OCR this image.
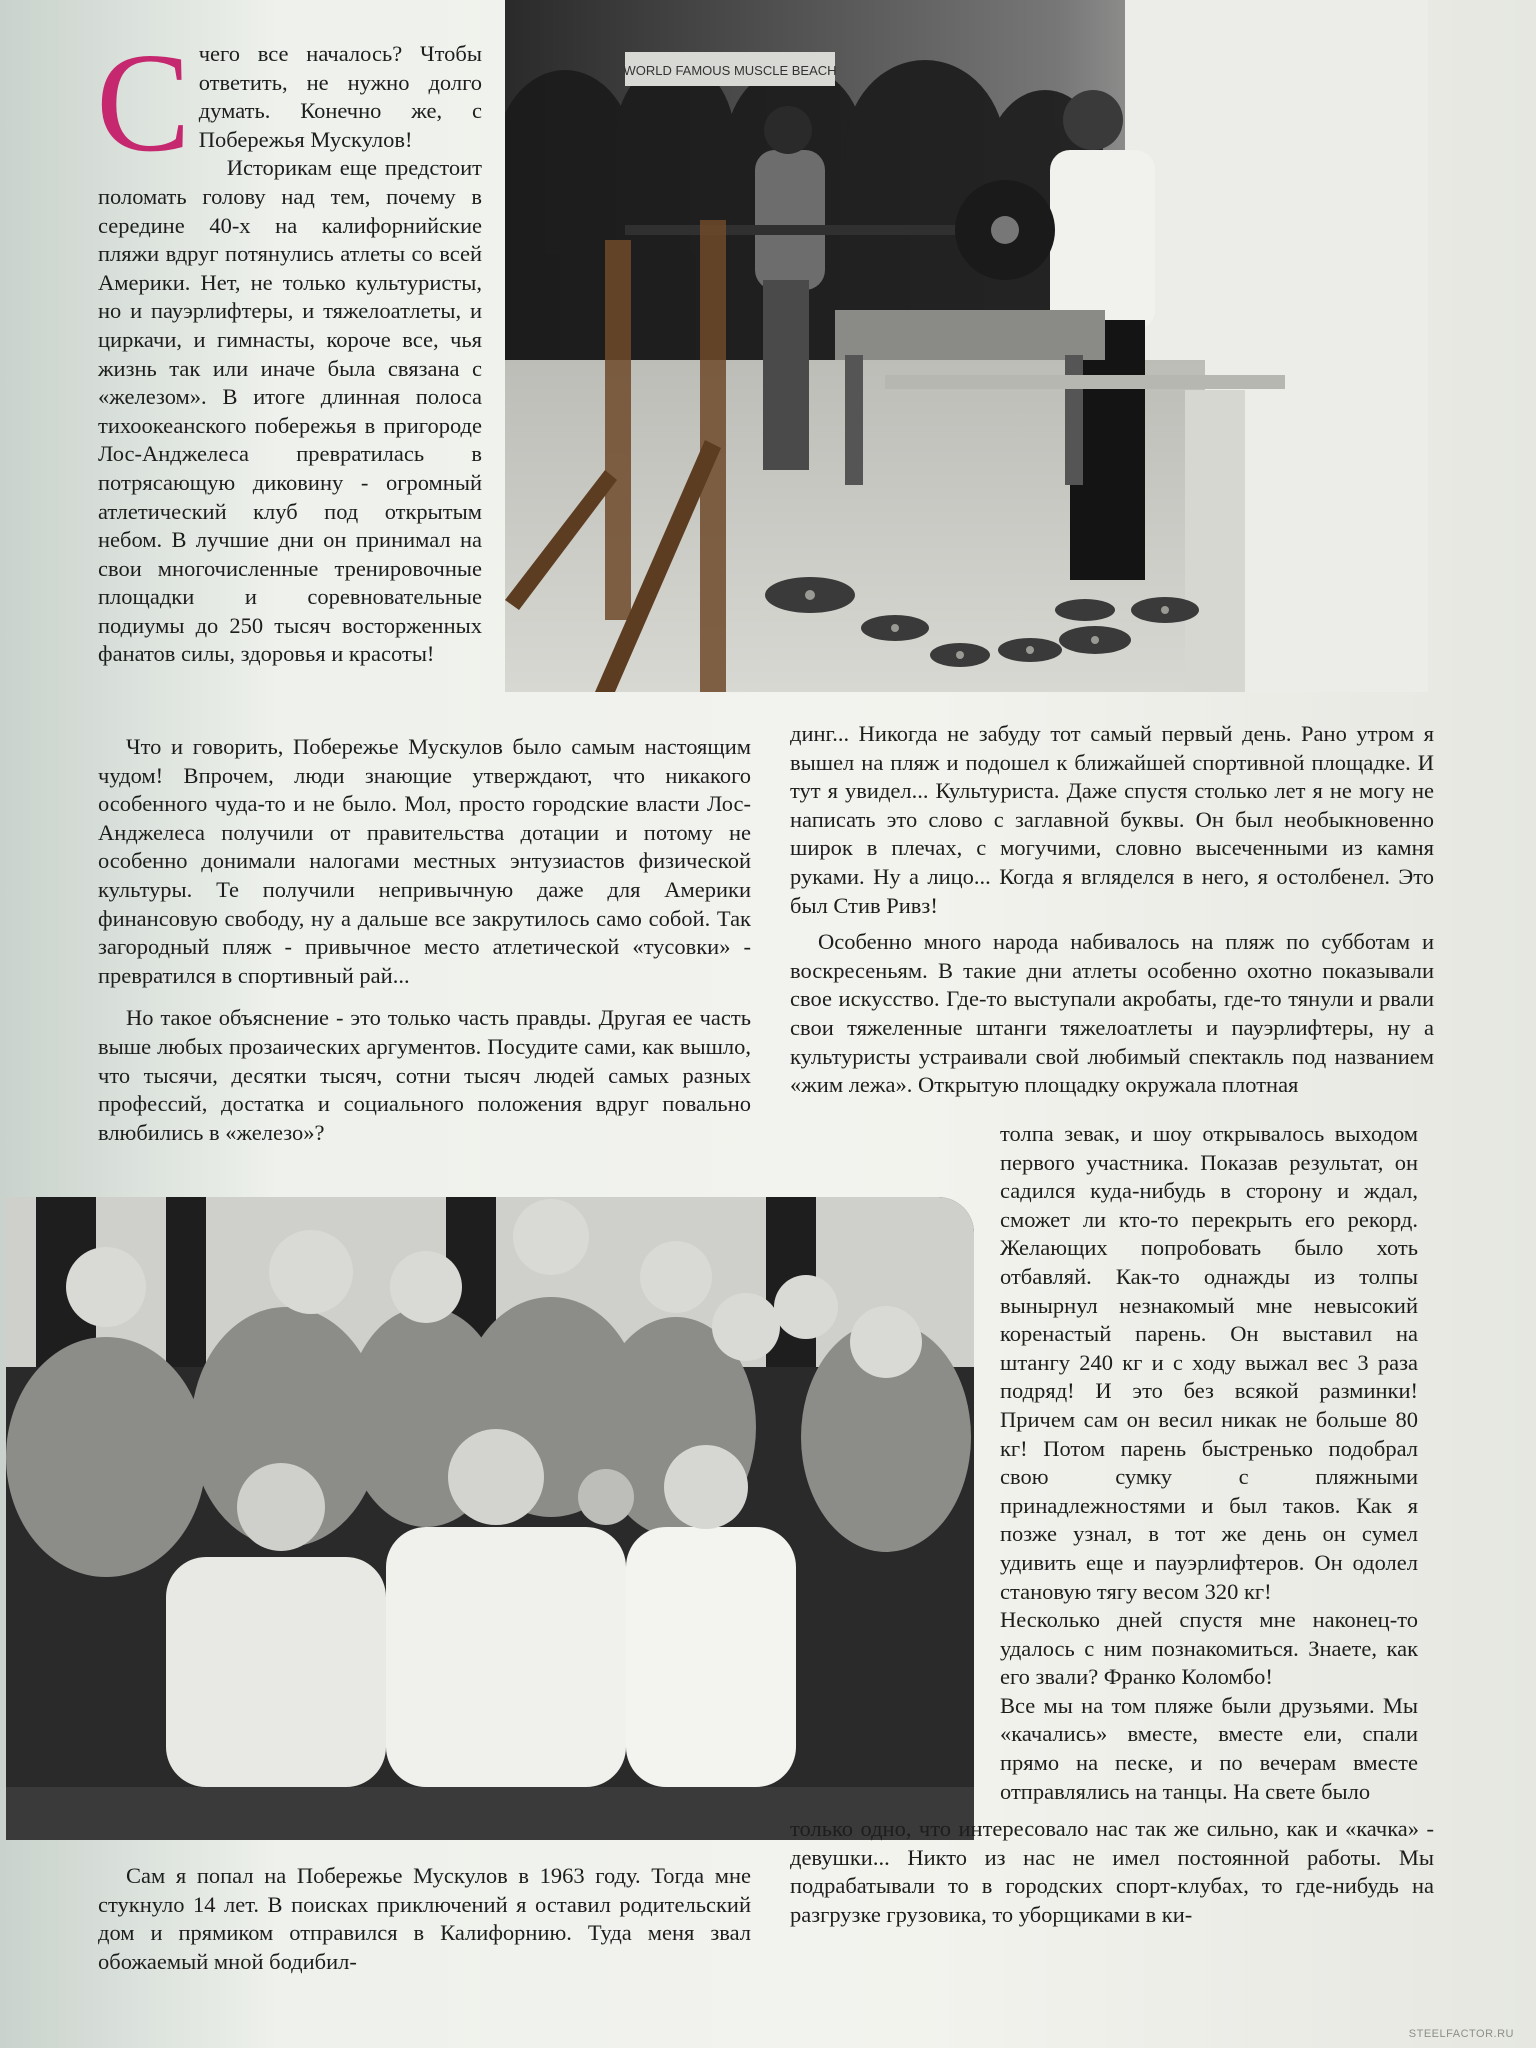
WORLD FAMOUS MUSCLE BEACH

Счего все началось? Чтобы ответить, не нужно долго думать. Конечно же, с Побережья Мускулов!

Историкам еще предстоит поломать голову над тем, почему в середине 40-х на калифорнийские пляжи вдруг потянулись атлеты со всей Америки. Нет, не только культуристы, но и пауэрлифтеры, и тяжелоатлеты, и циркачи, и гимнасты, короче все, чья жизнь так или иначе была связана с «железом». В итоге длинная полоса тихоокеанского побережья в пригороде Лос-Анджелеса превратилась в потрясающую диковину - огромный атлетический клуб под открытым небом. В лучшие дни он принимал на свои многочисленные тренировочные площадки и соревновательные подиумы до 250 тысяч восторженных фанатов силы, здоровья и красоты!

Что и говорить, Побережье Мускулов было самым настоящим чудом! Впрочем, люди знающие утверждают, что никакого особенного чуда-то и не было. Мол, просто городские власти Лос-Анджелеса получили от правительства дотации и потому не особенно донимали налогами местных энтузиастов физической культуры. Те получили непривычную даже для Америки финансовую свободу, ну а дальше все закрутилось само собой. Так загородный пляж - привычное место атлетической «тусовки» - превратился в спортивный рай...

Но такое объяснение - это только часть правды. Другая ее часть выше любых прозаических аргументов. Посудите сами, как вышло, что тысячи, десятки тысяч, сотни тысяч людей самых разных профессий, достатка и социального положения вдруг повально влюбились в «железо»?

динг... Никогда не забуду тот самый первый день. Рано утром я вышел на пляж и подошел к ближайшей спортивной площадке. И тут я увидел... Культуриста. Даже спустя столько лет я не могу не написать это слово с заглавной буквы. Он был необыкновенно широк в плечах, с могучими, словно высеченными из камня руками. Ну а лицо... Когда я вгляделся в него, я остолбенел. Это был Стив Ривз!

Особенно много народа набивалось на пляж по субботам и воскресеньям. В такие дни атлеты особенно охотно показывали свое искусство. Где-то выступали акробаты, где-то тянули и рвали свои тяжеленные штанги тяжелоатлеты и пауэрлифтеры, ну а культуристы устраивали свой любимый спектакль под названием «жим лежа». Открытую площадку окружала плотная

толпа зевак, и шоу открывалось выходом первого участника. Показав результат, он садился куда-нибудь в сторону и ждал, сможет ли кто-то перекрыть его рекорд. Желающих попробовать было хоть отбавляй. Как-то однажды из толпы вынырнул незнакомый мне невысокий коренастый парень. Он выставил на штангу 240 кг и с ходу выжал вес 3 раза подряд! И это без всякой разминки! Причем сам он весил никак не больше 80 кг! Потом парень быстренько подобрал свою сумку с пляжными принадлежностями и был таков. Как я позже узнал, в тот же день он сумел удивить еще и пауэрлифтеров. Он одолел становую тягу весом 320 кг!

Несколько дней спустя мне наконец-то удалось с ним познакомиться. Знаете, как его звали? Франко Коломбо!

Все мы на том пляже были друзьями. Мы «качались» вместе, вместе ели, спали прямо на песке, и по вечерам вместе отправлялись на танцы. На свете было

Сам я попал на Побережье Мускулов в 1963 году. Тогда мне стукнуло 14 лет. В поисках приключений я оставил родительский дом и прямиком отправился в Калифорнию. Туда меня звал обожаемый мной бодибил-

только одно, что интересовало нас так же сильно, как и «качка» - девушки... Никто из нас не имел постоянной работы. Мы подрабатывали то в городских спорт-клубах, то где-нибудь на разгрузке грузовика, то уборщиками в ки-

STEELFACTOR.RU
